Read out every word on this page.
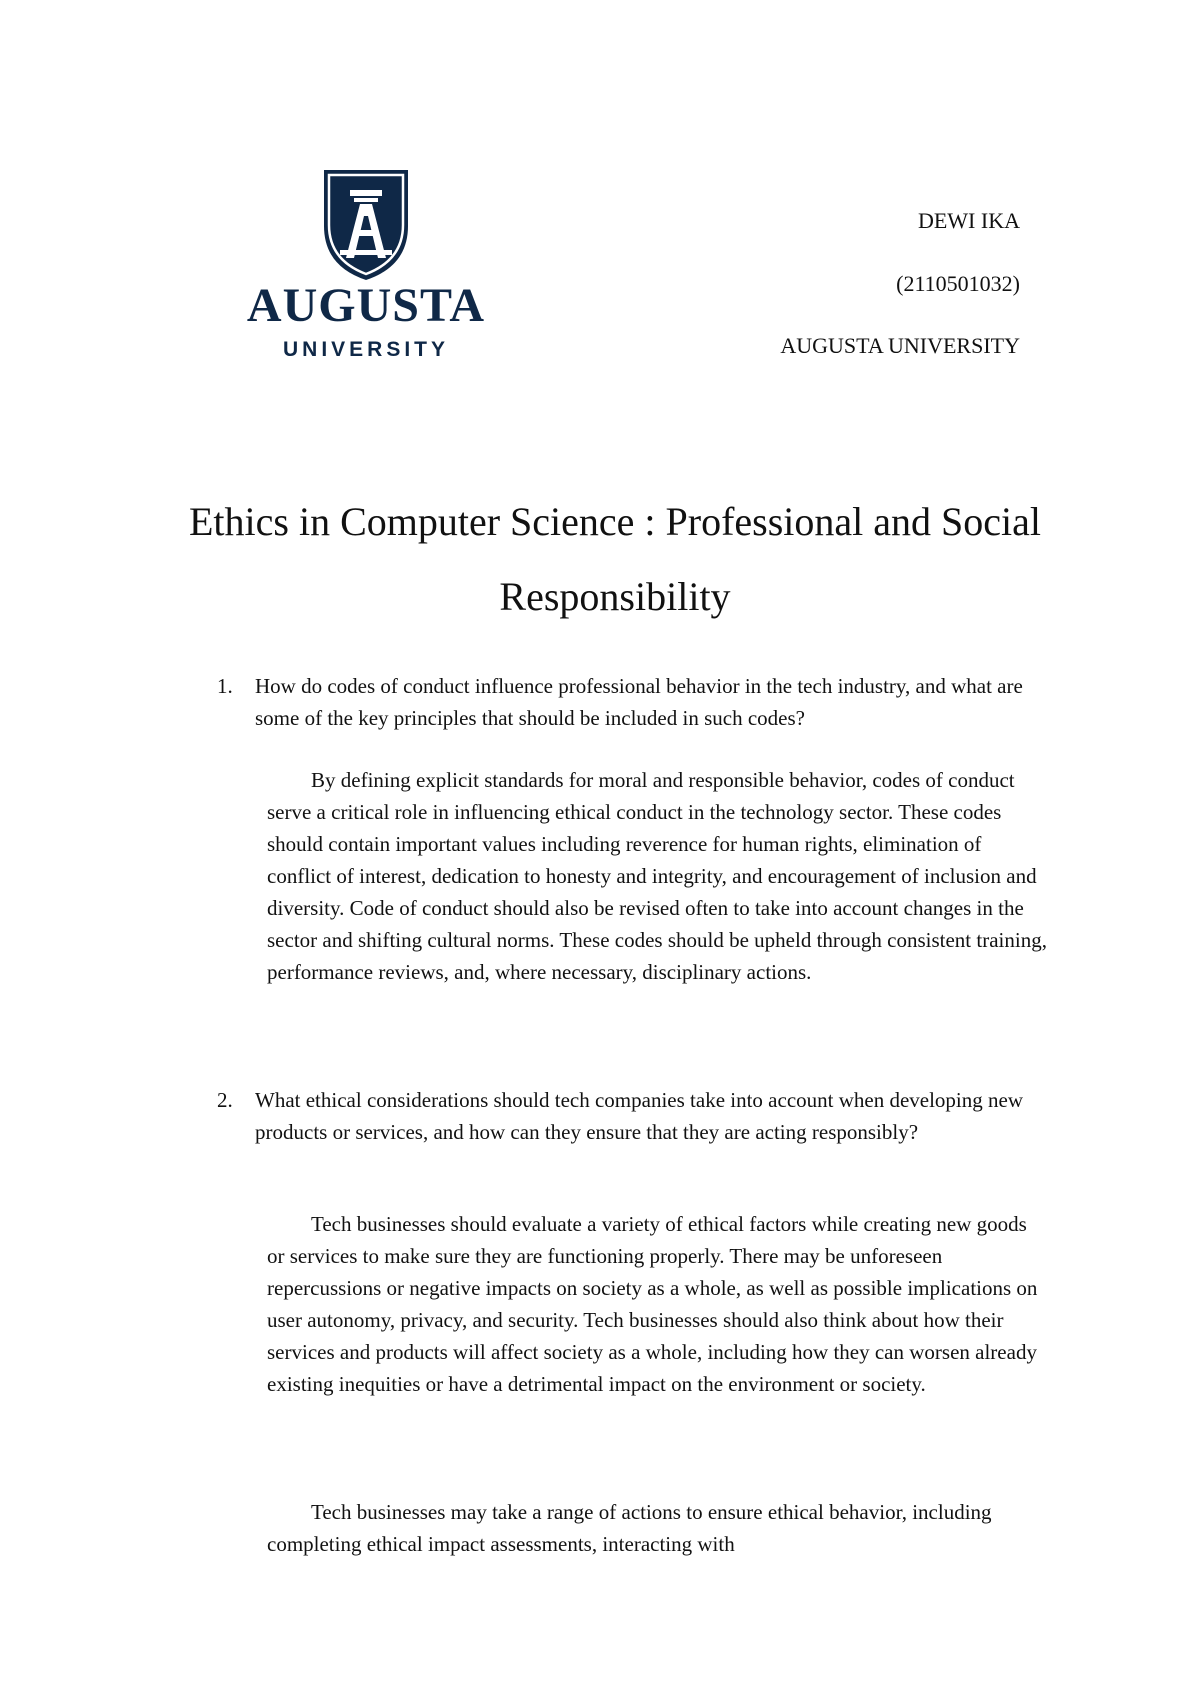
AUGUSTA
UNIVERSITY
DEWI IKA
(2110501032)
AUGUSTA UNIVERSITY
Ethics in Computer Science : Professional and Social Responsibility
1. How do codes of conduct influence professional behavior in the tech industry, and what are some of the key principles that should be included in such codes?
By defining explicit standards for moral and responsible behavior, codes of conduct serve a critical role in influencing ethical conduct in the technology sector. These codes should contain important values including reverence for human rights, elimination of conflict of interest, dedication to honesty and integrity, and encouragement of inclusion and diversity. Code of conduct should also be revised often to take into account changes in the sector and shifting cultural norms. These codes should be upheld through consistent training, performance reviews, and, where necessary, disciplinary actions.
2. What ethical considerations should tech companies take into account when developing new products or services, and how can they ensure that they are acting responsibly?
Tech businesses should evaluate a variety of ethical factors while creating new goods or services to make sure they are functioning properly. There may be unforeseen repercussions or negative impacts on society as a whole, as well as possible implications on user autonomy, privacy, and security. Tech businesses should also think about how their services and products will affect society as a whole, including how they can worsen already existing inequities or have a detrimental impact on the environment or society.
Tech businesses may take a range of actions to ensure ethical behavior, including completing ethical impact assessments, interacting with
